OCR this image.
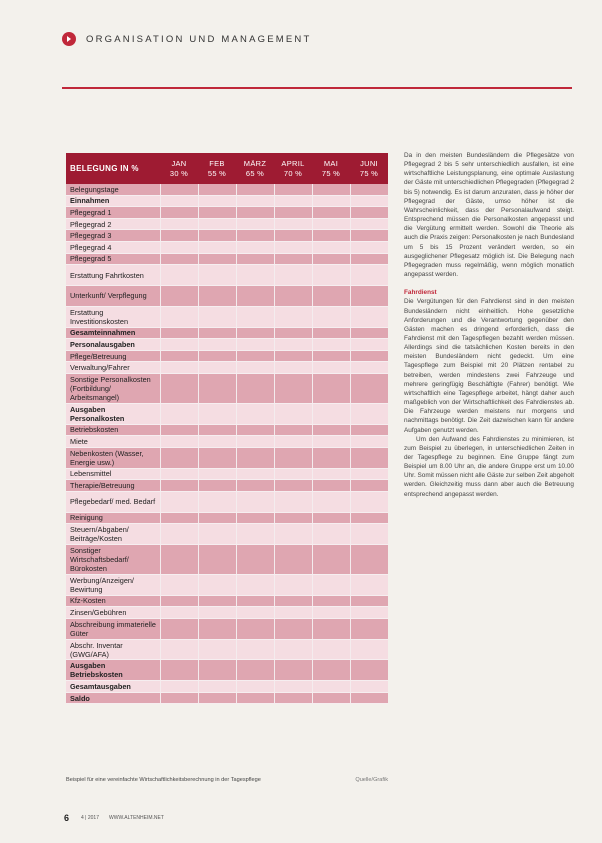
ORGANISATION UND MANAGEMENT
BELEGUNG IN %
JAN
30 %
FEB
55 %
MÄRZ
65 %
APRIL
70 %
MAI
75 %
JUNI
75 %
Belegungstage
Einnahmen
Pflegegrad 1
Pflegegrad 2
Pflegegrad 3
Pflegegrad 4
Pflegegrad 5
Erstattung Fahrtkosten
Unterkunft/ Verpflegung
Erstattung Investitionskosten
Gesamteinnahmen
Personalausgaben
Pflege/Betreuung
Verwaltung/Fahrer
Sonstige Personalkosten (Fortbildung/ Arbeitsmangel)
Ausgaben Personalkosten
Betriebskosten
Miete
Nebenkosten (Wasser, Energie usw.)
Lebensmittel
Therapie/Betreuung
Pflegebedarf/ med. Bedarf
Reinigung
Steuern/Abgaben/ Beiträge/Kosten
Sonstiger Wirtschaftsbedarf/ Bürokosten
Werbung/Anzeigen/ Bewirtung
Kfz-Kosten
Zinsen/Gebühren
Abschreibung immaterielle Güter
Abschr. Inventar (GWG/AFA)
Ausgaben Betriebskosten
Gesamtausgaben
Saldo
Beispiel für eine vereinfachte Wirtschaftlichkeitsberechnung in der Tagespflege	Quelle/Grafik

Da in den meisten Bundesländern die Pflegesätze von Pflegegrad 2 bis 5 sehr unterschiedlich ausfallen, ist eine wirtschaftliche Leistungsplanung, eine optimale Auslastung der Gäste mit unterschiedlichen Pflegegraden (Pflegegrad 2 bis 5) notwendig. Es ist darum anzuraten, dass je höher der Pflegegrad der Gäste, umso höher ist die Wahrscheinlichkeit, dass der Personalaufwand steigt. Entsprechend müssen die Personalkosten angepasst und die Vergütung ermittelt werden. Sowohl die Theorie als auch die Praxis zeigen: Personalkosten je nach Bundesland um 5 bis 15 Prozent verändert werden, so ein ausgeglichener Pflegesatz möglich ist. Die Belegung nach Pflegegraden muss regelmäßig, wenn möglich monatlich angepasst werden.

Fahrdienst

Die Vergütungen für den Fahrdienst sind in den meisten Bundesländern nicht einheitlich. Hohe gesetzliche Anforderungen und die Verantwortung gegenüber den Gästen machen es dringend erforderlich, dass die Fahrdienst mit den Tagespflegen bezahlt werden müssen. Allerdings sind die tatsächlichen Kosten bereits in den meisten Bundesländern nicht gedeckt. Um eine Tagespflege zum Beispiel mit 20 Plätzen rentabel zu betreiben, werden mindestens zwei Fahrzeuge und mehrere geringfügig Beschäftigte (Fahrer) benötigt. Wie wirtschaftlich eine Tagespflege arbeitet, hängt daher auch maßgeblich von der Wirtschaftlichkeit des Fahrdienstes ab. Die Fahrzeuge werden meistens nur morgens und nachmittags benötigt. Die Zeit dazwischen kann für andere Aufgaben genutzt werden.

Um den Aufwand des Fahrdienstes zu minimieren, ist zum Beispiel zu überlegen, in unterschiedlichen Zeiten in der Tagespflege zu beginnen. Eine Gruppe fängt zum Beispiel um 8.00 Uhr an, die andere Gruppe erst um 10.00 Uhr. Somit müssen nicht alle Gäste zur selben Zeit abgeholt werden. Gleichzeitig muss dann aber auch die Betreuung entsprechend angepasst werden.

6 4 | 2017 WWW.ALTENHEIM.NET
